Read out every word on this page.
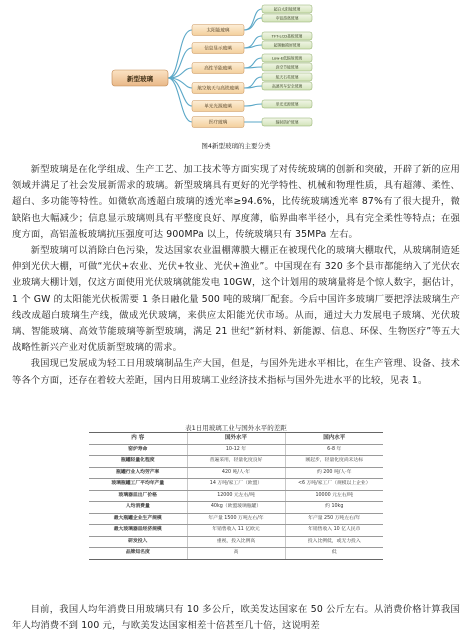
新型玻璃
太阳能玻璃
信息显示玻璃
高性节能玻璃
航空航天与高铁玻璃
单光光源玻璃
医疗玻璃
超白太阳能玻璃
中铝游离玻璃
TFT-LCD基板玻璃
超薄触摸屏玻璃
Low-E低辐射玻璃
真空节能玻璃
航天石英玻璃
高速列车安全玻璃
单光光源玻璃
辐射防护玻璃
图4新型玻璃的主要分类

新型玻璃是在化学组成、生产工艺、加工技术等方面实现了对传统玻璃的创新和突破，开辟了新的应用领域并满足了社会发展新需求的玻璃。新型玻璃具有更好的光学特性、机械和物理性质，具有超薄、柔性、超白、多功能等特性。如微软高透超白玻璃的透光率≥94.6%，比传统玻璃透光率 87%有了很大提升，微缺陷也大幅减少；信息显示玻璃则具有平整度良好、厚度薄，临界曲率半径小，具有完全柔性等特点；在强度方面，高铝盖板玻璃抗压强度可达 900MPa 以上，传统玻璃只有 35MPa 左右。

新型玻璃可以消除白色污染，发达国家农业温棚薄膜大棚正在被现代化的玻璃大棚取代，从玻璃制造延伸到光伏大棚，可做“光伏+农业、光伏+牧业、光伏+渔业”。中国现在有 320 多个县市都能纳入了光伏农业玻璃大棚计划，仅这方面使用光伏玻璃就能发电 10GW，这个计划用的玻璃量将是个惊人数字，据估计，1 个 GW 的太阳能光伏板需要 1 条日融化量 500 吨的玻璃厂配套。今后中国许多玻璃厂要把浮法玻璃生产线改成超白玻璃生产线，做成光伏玻璃，来供应太阳能光伏市场。从而，通过大力发展电子玻璃、光伏玻璃、智能玻璃、高效节能玻璃等新型玻璃，满足 21 世纪“新材料、新能源、信息、环保、生物医疗”等五大战略性新兴产业对优质新型玻璃的需求。

我国现已发展成为轻工日用玻璃制品生产大国，但是，与国外先进水平相比，在生产管理、设备、技术等各个方面，还存在着较大差距，国内日用玻璃工业经济技术指标与国外先进水平的比较，见表 1。

表1日用玻璃工业与国外水平的差距
内 容	国外水平	国内水平
窑炉寿命	10-12 年	6-8 年
瓶罐轻量化程度	普遍采用，轻量化度良好	刚起步，轻量化度尚未达标
瓶罐行业人均劳产率	420 吨/人·年	约 200 吨/人·年
玻璃瓶罐工厂平均年产量	14 万吨/家工厂（欧盟）	<6 万吨/家工厂（规模以上企业）
玻璃器皿出厂价格	12000 元左右/吨	10000 元左右/吨
人均消费量	40kg（欧盟玻璃瓶罐）	约 10kg
最大瓶罐企业生产规模	年产量 1500 万吨左右/年	年产量 250 万吨左右/年
最大玻璃器皿经济规模	年销售收入 11 亿欧元	年销售收入 10 亿人民币
研发投入	重视，投入比例高	投入比例低，或无力投入
品牌知名度	高	低

目前，我国人均年消费日用玻璃只有 10 多公斤，欧美发达国家在 50 公斤左右。从消费价格计算我国年人均消费不到 100 元，与欧美发达国家相差十倍甚至几十倍，这说明差
